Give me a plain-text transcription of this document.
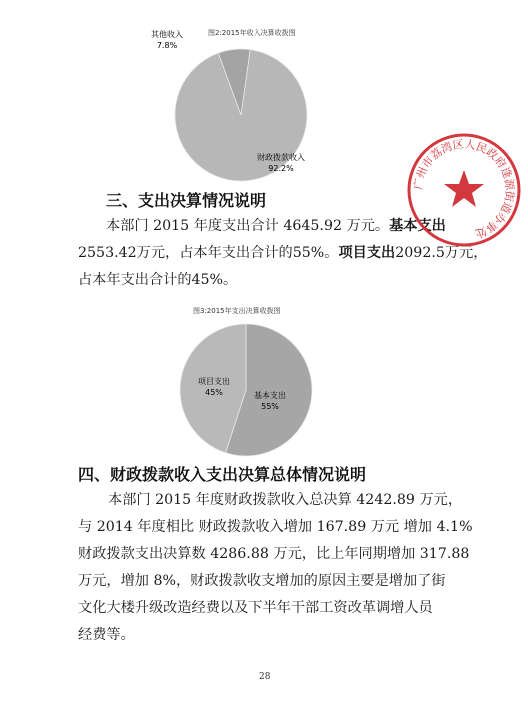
图2:2015年收入决算收拨图
财政拨款收入
92.2%
其他收入
7.8%
三、支出决算情况说明
本部门 2015 年度支出合计 4645.92 万元。基本支出
2553.42万元，占本年支出合计的55%。项目支出2092.5万元，
占本年支出合计的45%。
图3:2015年支出决算收拨图
基本支出
55%
项目支出
45%
四、财政拨款收入支出决算总体情况说明
本部门 2015 年度财政拨款收入总决算 4242.89 万元，
与 2014 年度相比 财政拨款收入增加 167.89 万元 增加 4.1%
财政拨款支出决算数 4286.88 万元，比上年同期增加 317.88
万元，增加 8%，财政拨款收支增加的原因主要是增加了街
文化大楼升级改造经费以及下半年干部工资改革调增人员
经费等。
广州市荔湾区人民政府逢源街道办事处
28
